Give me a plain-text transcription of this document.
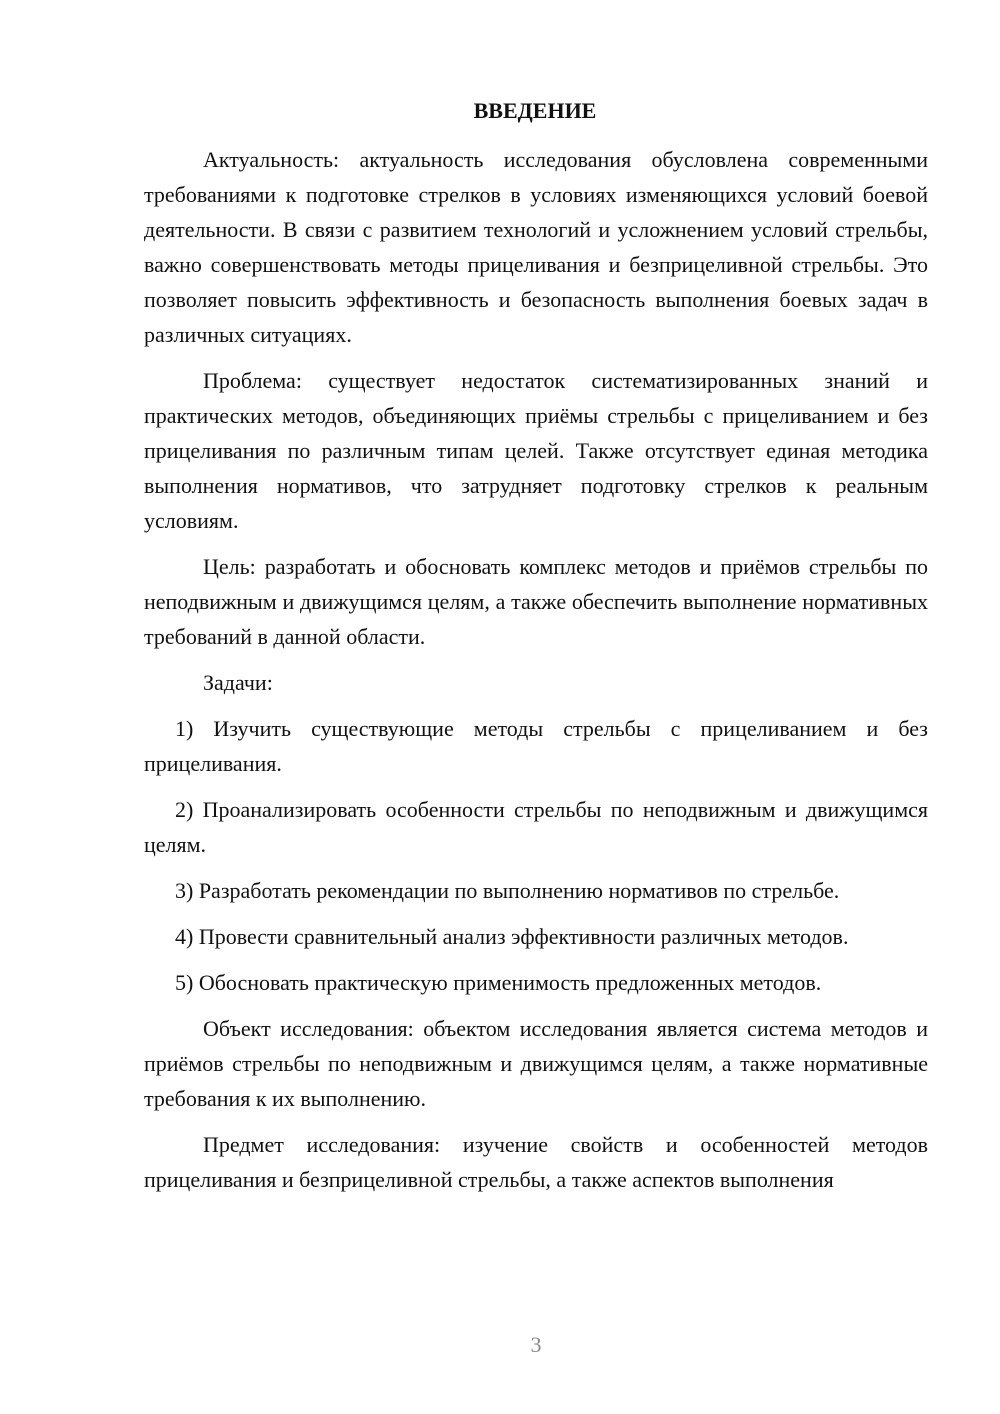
ВВЕДЕНИЕ

Актуальность: актуальность исследования обусловлена современными требованиями к подготовке стрелков в условиях изменяющихся условий боевой деятельности. В связи с развитием технологий и усложнением условий стрельбы, важно совершенствовать методы прицеливания и безприцеливной стрельбы. Это позволяет повысить эффективность и безопасность выполнения боевых задач в различных ситуациях.

Проблема: существует недостаток систематизированных знаний и практических методов, объединяющих приёмы стрельбы с прицеливанием и без прицеливания по различным типам целей. Также отсутствует единая методика выполнения нормативов, что затрудняет подготовку стрелков к реальным условиям.

Цель: разработать и обосновать комплекс методов и приёмов стрельбы по неподвижным и движущимся целям, а также обеспечить выполнение нормативных требований в данной области.

Задачи:

1) Изучить существующие методы стрельбы с прицеливанием и без прицеливания.

2) Проанализировать особенности стрельбы по неподвижным и движущимся целям.

3) Разработать рекомендации по выполнению нормативов по стрельбе.

4) Провести сравнительный анализ эффективности различных методов.

5) Обосновать практическую применимость предложенных методов.

Объект исследования: объектом исследования является система методов и приёмов стрельбы по неподвижным и движущимся целям, а также нормативные требования к их выполнению.

Предмет исследования: изучение свойств и особенностей методов прицеливания и безприцеливной стрельбы, а также аспектов выполнения

3
